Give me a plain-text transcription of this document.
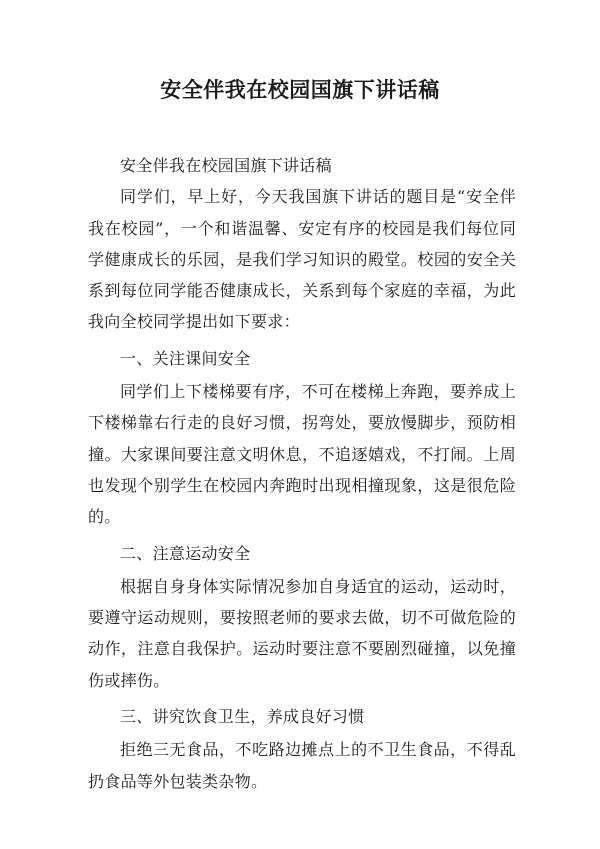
安全伴我在校园国旗下讲话稿

安全伴我在校园国旗下讲话稿

同学们，早上好，今天我国旗下讲话的题目是“安全伴我在校园”，一个和谐温馨、安定有序的校园是我们每位同学健康成长的乐园，是我们学习知识的殿堂。校园的安全关系到每位同学能否健康成长，关系到每个家庭的幸福，为此我向全校同学提出如下要求：

一、关注课间安全

同学们上下楼梯要有序，不可在楼梯上奔跑，要养成上下楼梯靠右行走的良好习惯，拐弯处，要放慢脚步，预防相撞。大家课间要注意文明休息，不追逐嬉戏，不打闹。上周也发现个别学生在校园内奔跑时出现相撞现象，这是很危险的。

二、注意运动安全

根据自身身体实际情况参加自身适宜的运动，运动时，要遵守运动规则，要按照老师的要求去做，切不可做危险的动作，注意自我保护。运动时要注意不要剧烈碰撞，以免撞伤或摔伤。

三、讲究饮食卫生，养成良好习惯

拒绝三无食品，不吃路边摊点上的不卫生食品，不得乱扔食品等外包装类杂物。
